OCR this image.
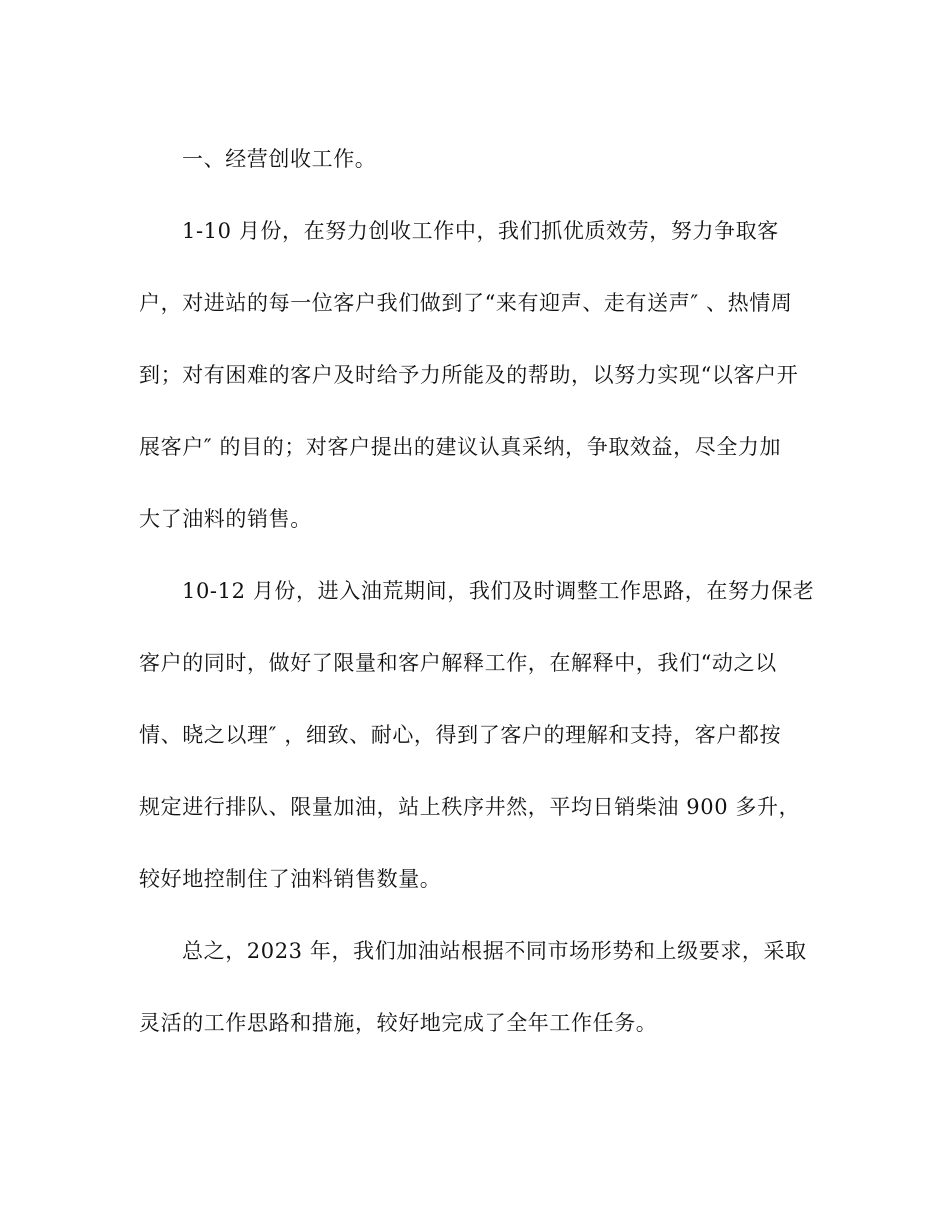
一、经营创收工作。
1-10 月份，在努力创收工作中，我们抓优质效劳，努力争取客
户，对进站的每一位客户我们做到了“来有迎声、走有送声″ 、热情周
到；对有困难的客户及时给予力所能及的帮助，以努力实现“以客户开
展客户″ 的目的；对客户提出的建议认真采纳，争取效益，尽全力加
大了油料的销售。
10-12 月份，进入油荒期间，我们及时调整工作思路，在努力保老
客户的同时，做好了限量和客户解释工作，在解释中，我们“动之以
情、晓之以理″ ，细致、耐心，得到了客户的理解和支持，客户都按
规定进行排队、限量加油，站上秩序井然，平均日销柴油 900 多升，
较好地控制住了油料销售数量。
总之，2023 年，我们加油站根据不同市场形势和上级要求，采取
灵活的工作思路和措施，较好地完成了全年工作任务。
